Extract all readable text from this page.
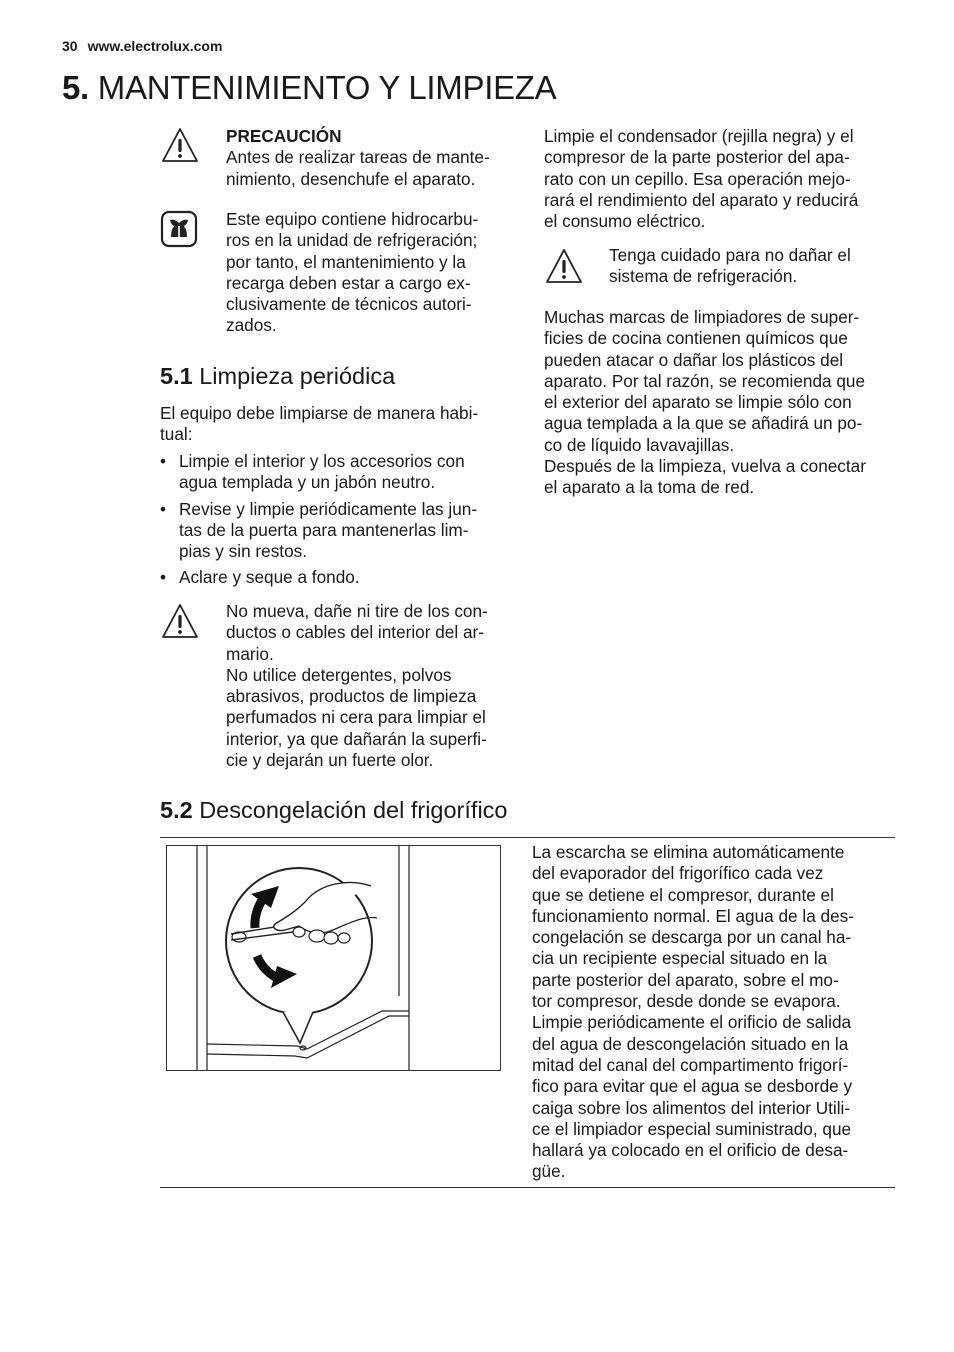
30 www.electrolux.com
5. MANTENIMIENTO Y LIMPIEZA
PRECAUCIÓN
Antes de realizar tareas de mante-
nimiento, desenchufe el aparato.
Este equipo contiene hidrocarbu-
ros en la unidad de refrigeración;
por tanto, el mantenimiento y la
recarga deben estar a cargo ex-
clusivamente de técnicos autori-
zados.
5.1 Limpieza periódica
El equipo debe limpiarse de manera habi-
tual:
• Limpie el interior y los accesorios con
agua templada y un jabón neutro.
• Revise y limpie periódicamente las jun-
tas de la puerta para mantenerlas lim-
pias y sin restos.
• Aclare y seque a fondo.
No mueva, dañe ni tire de los con-
ductos o cables del interior del ar-
mario.
No utilice detergentes, polvos
abrasivos, productos de limpieza
perfumados ni cera para limpiar el
interior, ya que dañarán la superfi-
cie y dejarán un fuerte olor.
Limpie el condensador (rejilla negra) y el
compresor de la parte posterior del apa-
rato con un cepillo. Esa operación mejo-
rará el rendimiento del aparato y reducirá
el consumo eléctrico.
Tenga cuidado para no dañar el
sistema de refrigeración.
Muchas marcas de limpiadores de super-
ficies de cocina contienen químicos que
pueden atacar o dañar los plásticos del
aparato. Por tal razón, se recomienda que
el exterior del aparato se limpie sólo con
agua templada a la que se añadirá un po-
co de líquido lavavajillas.
Después de la limpieza, vuelva a conectar
el aparato a la toma de red.
5.2 Descongelación del frigorífico
La escarcha se elimina automáticamente
del evaporador del frigorífico cada vez
que se detiene el compresor, durante el
funcionamiento normal. El agua de la des-
congelación se descarga por un canal ha-
cia un recipiente especial situado en la
parte posterior del aparato, sobre el mo-
tor compresor, desde donde se evapora.
Limpie periódicamente el orificio de salida
del agua de descongelación situado en la
mitad del canal del compartimento frigorí-
fico para evitar que el agua se desborde y
caiga sobre los alimentos del interior Utili-
ce el limpiador especial suministrado, que
hallará ya colocado en el orificio de desa-
güe.
